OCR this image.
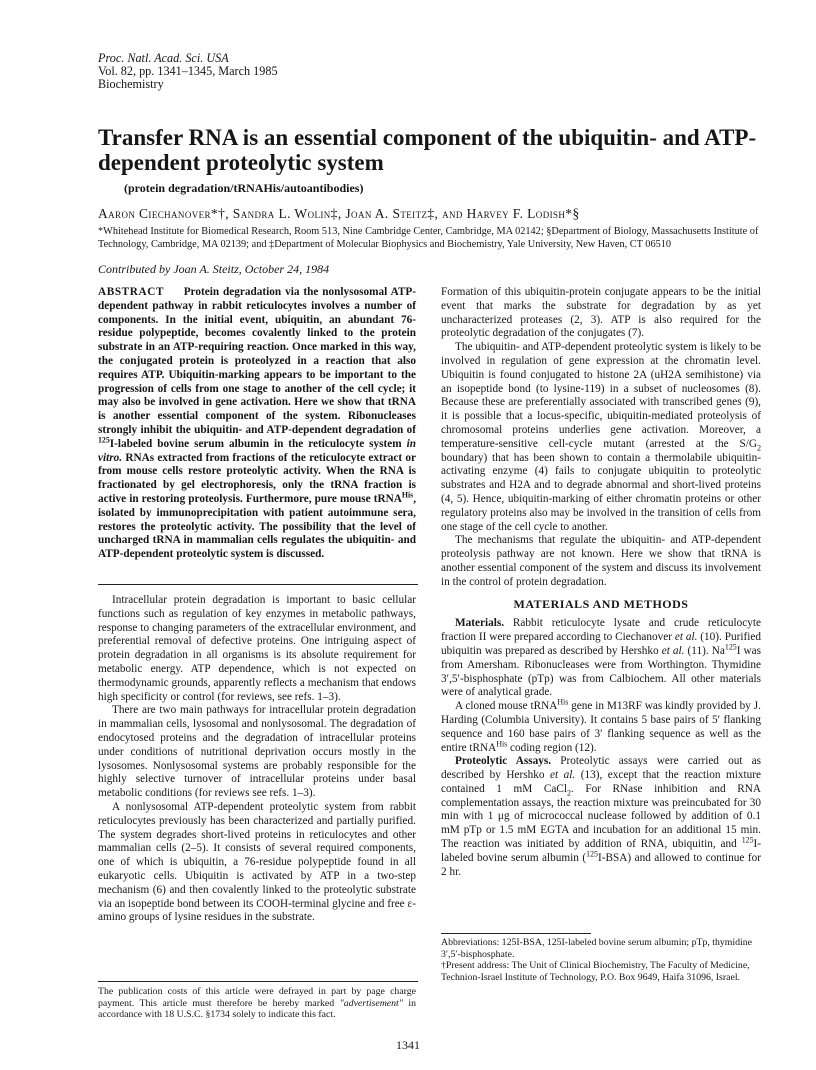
Proc. Natl. Acad. Sci. USA
Vol. 82, pp. 1341–1345, March 1985
Biochemistry
Transfer RNA is an essential component of the ubiquitin- and ATP-dependent proteolytic system
(protein degradation/tRNAHis/autoantibodies)
Aaron Ciechanover*†, Sandra L. Wolin‡, Joan A. Steitz‡, and Harvey F. Lodish*§
*Whitehead Institute for Biomedical Research, Room 513, Nine Cambridge Center, Cambridge, MA 02142; §Department of Biology, Massachusetts Institute of Technology, Cambridge, MA 02139; and ‡Department of Molecular Biophysics and Biochemistry, Yale University, New Haven, CT 06510
Contributed by Joan A. Steitz, October 24, 1984

ABSTRACT Protein degradation via the nonlysosomal ATP-dependent pathway in rabbit reticulocytes involves a number of components. In the initial event, ubiquitin, an abundant 76-residue polypeptide, becomes covalently linked to the protein substrate in an ATP-requiring reaction. Once marked in this way, the conjugated protein is proteolyzed in a reaction that also requires ATP. Ubiquitin-marking appears to be important to the progression of cells from one stage to another of the cell cycle; it may also be involved in gene activation. Here we show that tRNA is another essential component of the system. Ribonucleases strongly inhibit the ubiquitin- and ATP-dependent degradation of $^{125}$I-labeled bovine serum albumin in the reticulocyte system in vitro. RNAs extracted from fractions of the reticulocyte extract or from mouse cells restore proteolytic activity. When the RNA is fractionated by gel electrophoresis, only the tRNA fraction is active in restoring proteolysis. Furthermore, pure mouse tRNA$^{His}$, isolated by immunoprecipitation with patient autoimmune sera, restores the proteolytic activity. The possibility that the level of uncharged tRNA in mammalian cells regulates the ubiquitin- and ATP-dependent proteolytic system is discussed.

Intracellular protein degradation is important to basic cellular functions such as regulation of key enzymes in metabolic pathways, response to changing parameters of the extracellular environment, and preferential removal of defective proteins. One intriguing aspect of protein degradation in all organisms is its absolute requirement for metabolic energy. ATP dependence, which is not expected on thermodynamic grounds, apparently reflects a mechanism that endows high specificity or control (for reviews, see refs. 1–3).

There are two main pathways for intracellular protein degradation in mammalian cells, lysosomal and nonlysosomal. The degradation of endocytosed proteins and the degradation of intracellular proteins under conditions of nutritional deprivation occurs mostly in the lysosomes. Nonlysosomal systems are probably responsible for the highly selective turnover of intracellular proteins under basal metabolic conditions (for reviews see refs. 1–3).

A nonlysosomal ATP-dependent proteolytic system from rabbit reticulocytes previously has been characterized and partially purified. The system degrades short-lived proteins in reticulocytes and other mammalian cells (2–5). It consists of several required components, one of which is ubiquitin, a 76-residue polypeptide found in all eukaryotic cells. Ubiquitin is activated by ATP in a two-step mechanism (6) and then covalently linked to the proteolytic substrate via an isopeptide bond between its COOH-terminal glycine and free ε-amino groups of lysine residues in the substrate.

The publication costs of this article were defrayed in part by page charge payment. This article must therefore be hereby marked "advertisement" in accordance with 18 U.S.C. §1734 solely to indicate this fact.

Formation of this ubiquitin-protein conjugate appears to be the initial event that marks the substrate for degradation by as yet uncharacterized proteases (2, 3). ATP is also required for the proteolytic degradation of the conjugates (7).

The ubiquitin- and ATP-dependent proteolytic system is likely to be involved in regulation of gene expression at the chromatin level. Ubiquitin is found conjugated to histone 2A (uH2A semihistone) via an isopeptide bond (to lysine-119) in a subset of nucleosomes (8). Because these are preferentially associated with transcribed genes (9), it is possible that a locus-specific, ubiquitin-mediated proteolysis of chromosomal proteins underlies gene activation. Moreover, a temperature-sensitive cell-cycle mutant (arrested at the $S/G_2$ boundary) that has been shown to contain a thermolabile ubiquitin-activating enzyme (4) fails to conjugate ubiquitin to proteolytic substrates and H2A and to degrade abnormal and short-lived proteins (4, 5). Hence, ubiquitin-marking of either chromatin proteins or other regulatory proteins also may be involved in the transition of cells from one stage of the cell cycle to another.

The mechanisms that regulate the ubiquitin- and ATP-dependent proteolysis pathway are not known. Here we show that tRNA is another essential component of the system and discuss its involvement in the control of protein degradation.

MATERIALS AND METHODS

Materials. Rabbit reticulocyte lysate and crude reticulocyte fraction II were prepared according to Ciechanover et al. (10). Purified ubiquitin was prepared as described by Hershko et al. (11). Na$^{125}$I was from Amersham. Ribonucleases were from Worthington. Thymidine 3′,5′-bisphosphate (pTp) was from Calbiochem. All other materials were of analytical grade.

A cloned mouse tRNA$^{His}$ gene in M13RF was kindly provided by J. Harding (Columbia University). It contains 5 base pairs of 5′ flanking sequence and 160 base pairs of 3′ flanking sequence as well as the entire tRNA$^{His}$ coding region (12).

Proteolytic Assays. Proteolytic assays were carried out as described by Hershko et al. (13), except that the reaction mixture contained 1 mM CaCl$_2$. For RNase inhibition and RNA complementation assays, the reaction mixture was preincubated for 30 min with 1 μg of micrococcal nuclease followed by addition of 0.1 mM pTp or 1.5 mM EGTA and incubation for an additional 15 min. The reaction was initiated by addition of RNA, ubiquitin, and $^{125}$I-labeled bovine serum albumin ($^{125}$I-BSA) and allowed to continue for 2 hr.

Abbreviations: 125I-BSA, 125I-labeled bovine serum albumin; pTp, thymidine 3′,5′-bisphosphate.

†Present address: The Unit of Clinical Biochemistry, The Faculty of Medicine, Technion-Israel Institute of Technology, P.O. Box 9649, Haifa 31096, Israel.

1341
